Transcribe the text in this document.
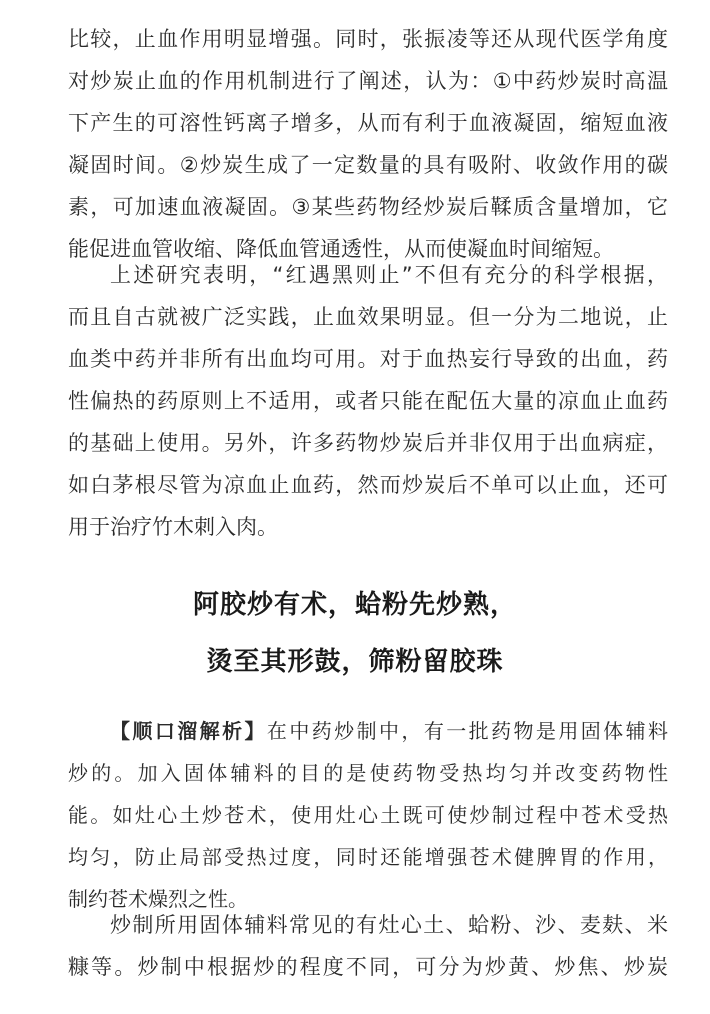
比较，止血作用明显增强。同时，张振凌等还从现代医学角度
对炒炭止血的作用机制进行了阐述，认为：①中药炒炭时高温
下产生的可溶性钙离子增多，从而有利于血液凝固，缩短血液
凝固时间。②炒炭生成了一定数量的具有吸附、收敛作用的碳
素，可加速血液凝固。③某些药物经炒炭后鞣质含量增加，它
能促进血管收缩、降低血管通透性，从而使凝血时间缩短。
上述研究表明，“红遇黑则止”不但有充分的科学根据，
而且自古就被广泛实践，止血效果明显。但一分为二地说，止
血类中药并非所有出血均可用。对于血热妄行导致的出血，药
性偏热的药原则上不适用，或者只能在配伍大量的凉血止血药
的基础上使用。另外，许多药物炒炭后并非仅用于出血病症，
如白茅根尽管为凉血止血药，然而炒炭后不单可以止血，还可
用于治疗竹木刺入肉。
阿胶炒有术，蛤粉先炒熟，
烫至其形鼓，筛粉留胶珠
【顺口溜解析】在中药炒制中，有一批药物是用固体辅料
炒的。加入固体辅料的目的是使药物受热均匀并改变药物性
能。如灶心土炒苍术，使用灶心土既可使炒制过程中苍术受热
均匀，防止局部受热过度，同时还能增强苍术健脾胃的作用，
制约苍术燥烈之性。
炒制所用固体辅料常见的有灶心土、蛤粉、沙、麦麸、米
糠等。炒制中根据炒的程度不同，可分为炒黄、炒焦、炒炭
